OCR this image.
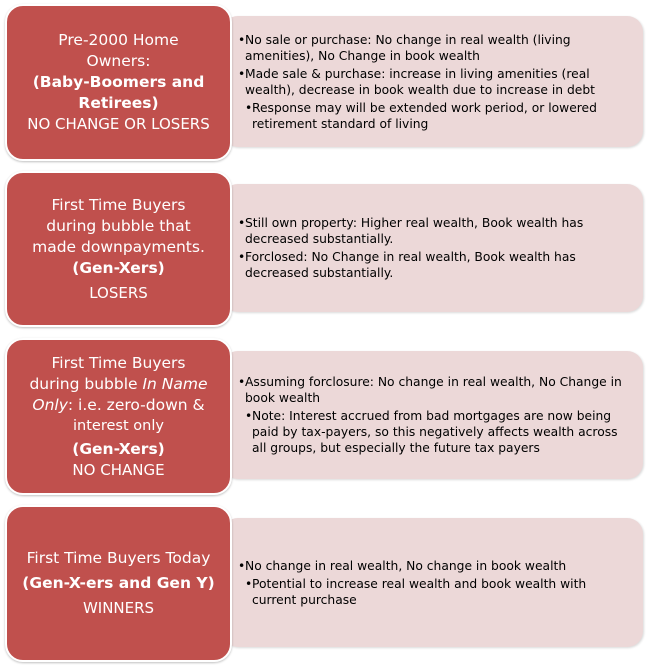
• No sale or purchase: No change in real wealth (living amenities), No Change in book wealth
• Made sale & purchase: increase in living amenities (real wealth), decrease in book wealth due to increase in debt
• Response may will be extended work period, or lowered retirement standard of living
Pre-2000 Home
Owners:
(Baby-Boomers and
Retirees)
NO CHANGE OR LOSERS
• Still own property: Higher real wealth, Book wealth has decreased substantially.
• Forclosed: No Change in real wealth, Book wealth has decreased substantially.
First Time Buyers
during bubble that
made downpayments.
(Gen-Xers)
LOSERS
• Assuming forclosure: No change in real wealth, No Change in book wealth
• Note: Interest accrued from bad mortgages are now being paid by tax-payers, so this negatively affects wealth across all groups, but especially the future tax payers
First Time Buyers
during bubble In Name
Only: i.e. zero-down &
interest only
(Gen-Xers)
NO CHANGE
• No change in real wealth, No change in book wealth
• Potential to increase real wealth and book wealth with current purchase
First Time Buyers Today
(Gen-X-ers and Gen Y)
WINNERS
